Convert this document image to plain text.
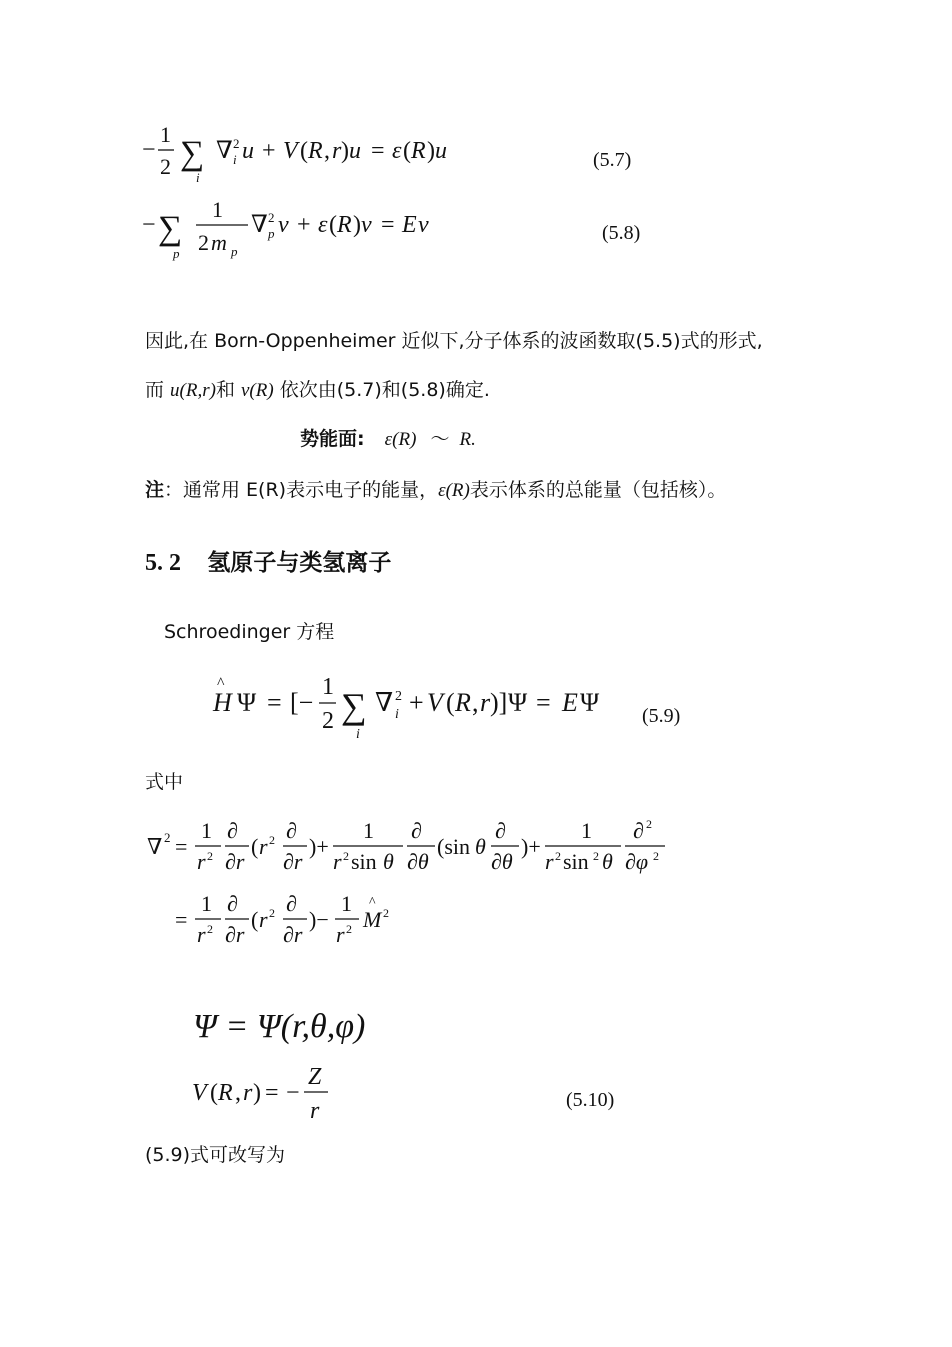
−
1
2 ∑
i
∇ 2
i u + V ( R , r ) u = ε ( R ) u	(5.7)
− ∑
p
1
2 m p
∇ 2
p v + ε ( R ) v = E v	(5.8)
因此,在 Born-Oppenheimer 近似下,分子体系的波函数取(5.5)式的形式,
而 u(R,r)和 v(R) 依次由(5.7)和(5.8)确定.
势能面: ε(R) ～ R.
注：通常用 E(R)表示电子的能量，ε(R)表示体系的总能量（包括核）。
5. 2 氢原子与类氢离子
Schroedinger 方程
^
H Ψ = [−
1
2 ∑
i
∇ 2
i + V ( R , r )] Ψ = E Ψ (5.9)
式中
∇ 2 =
1
r 2
∂
∂r
( r 2 ∂
∂r
)+
1
r 2 sin θ
∂
∂θ
(sin θ
∂
∂θ
)+
1
r 2 sin 2 θ
∂ 2
∂φ 2
=
1
r 2
∂
∂r
( r 2 ∂
∂r
)−
1
r 2
^
M 2
Ψ = Ψ(r,θ,φ)
V ( R , r ) = −
Z
r	(5.10)
(5.9)式可改写为
